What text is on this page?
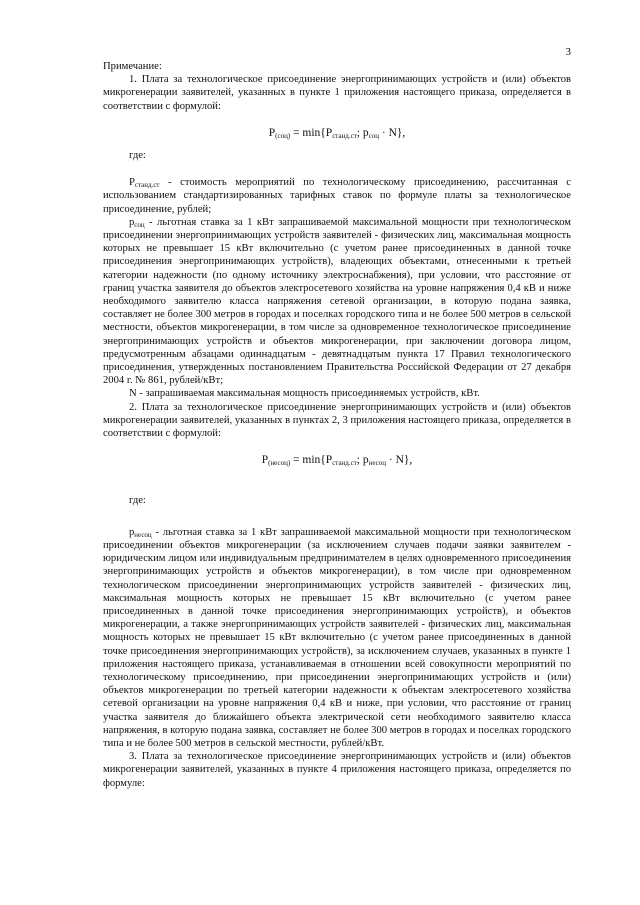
3

Примечание:

1. Плата за технологическое присоединение энергопринимающих устройств и (или) объектов микрогенерации заявителей, указанных в пункте 1 приложения настоящего приказа, определяется в соответствии с формулой:

$P_{(соц)} = \min\{P_{станд.ст}$; $p_{соц} \cdot N$},

где:

$P_{станд.ст}$ - стоимость мероприятий по технологическому присоединению, рассчитанная с использованием стандартизированных тарифных ставок по формуле платы за технологическое присоединение, рублей;

$p_{соц}$ - льготная ставка за 1 кВт запрашиваемой максимальной мощности при технологическом присоединении энергопринимающих устройств заявителей - физических лиц, максимальная мощность которых не превышает 15 кВт включительно (с учетом ранее присоединенных в данной точке присоединения энергопринимающих устройств), владеющих объектами, отнесенными к третьей категории надежности (по одному источнику электроснабжения), при условии, что расстояние от границ участка заявителя до объектов электросетевого хозяйства на уровне напряжения 0,4 кВ и ниже необходимого заявителю класса напряжения сетевой организации, в которую подана заявка, составляет не более 300 метров в городах и поселках городского типа и не более 500 метров в сельской местности, объектов микрогенерации, в том числе за одновременное технологическое присоединение энергопринимающих устройств и объектов микрогенерации, при заключении договора лицом, предусмотренным абзацами одиннадцатым - девятнадцатым пункта 17 Правил технологического присоединения, утвержденных постановлением Правительства Российской Федерации от 27 декабря 2004 г. № 861, рублей/кВт;

N - запрашиваемая максимальная мощность присоединяемых устройств, кВт.

2. Плата за технологическое присоединение энергопринимающих устройств и (или) объектов микрогенерации заявителей, указанных в пунктах 2, 3 приложения настоящего приказа, определяется в соответствии с формулой:

$P_{(несоц)} = \min\{P_{станд.ст}$; $p_{несоц} \cdot N$},

где:

$p_{несоц}$ - льготная ставка за 1 кВт запрашиваемой максимальной мощности при технологическом присоединении объектов микрогенерации (за исключением случаев подачи заявки заявителем - юридическим лицом или индивидуальным предпринимателем в целях одновременного присоединения энергопринимающих устройств и объектов микрогенерации), в том числе при одновременном технологическом присоединении энергопринимающих устройств заявителей - физических лиц, максимальная мощность которых не превышает 15 кВт включительно (с учетом ранее присоединенных в данной точке присоединения энергопринимающих устройств), и объектов микрогенерации, а также энергопринимающих устройств заявителей - физических лиц, максимальная мощность которых не превышает 15 кВт включительно (с учетом ранее присоединенных в данной точке присоединения энергопринимающих устройств), за исключением случаев, указанных в пункте 1 приложения настоящего приказа, устанавливаемая в отношении всей совокупности мероприятий по технологическому присоединению, при присоединении энергопринимающих устройств и (или) объектов микрогенерации по третьей категории надежности к объектам электросетевого хозяйства сетевой организации на уровне напряжения 0,4 кВ и ниже, при условии, что расстояние от границ участка заявителя до ближайшего объекта электрической сети необходимого заявителю класса напряжения, в которую подана заявка, составляет не более 300 метров в городах и поселках городского типа и не более 500 метров в сельской местности, рублей/кВт.

3. Плата за технологическое присоединение энергопринимающих устройств и (или) объектов микрогенерации заявителей, указанных в пункте 4 приложения настоящего приказа, определяется по формуле:
